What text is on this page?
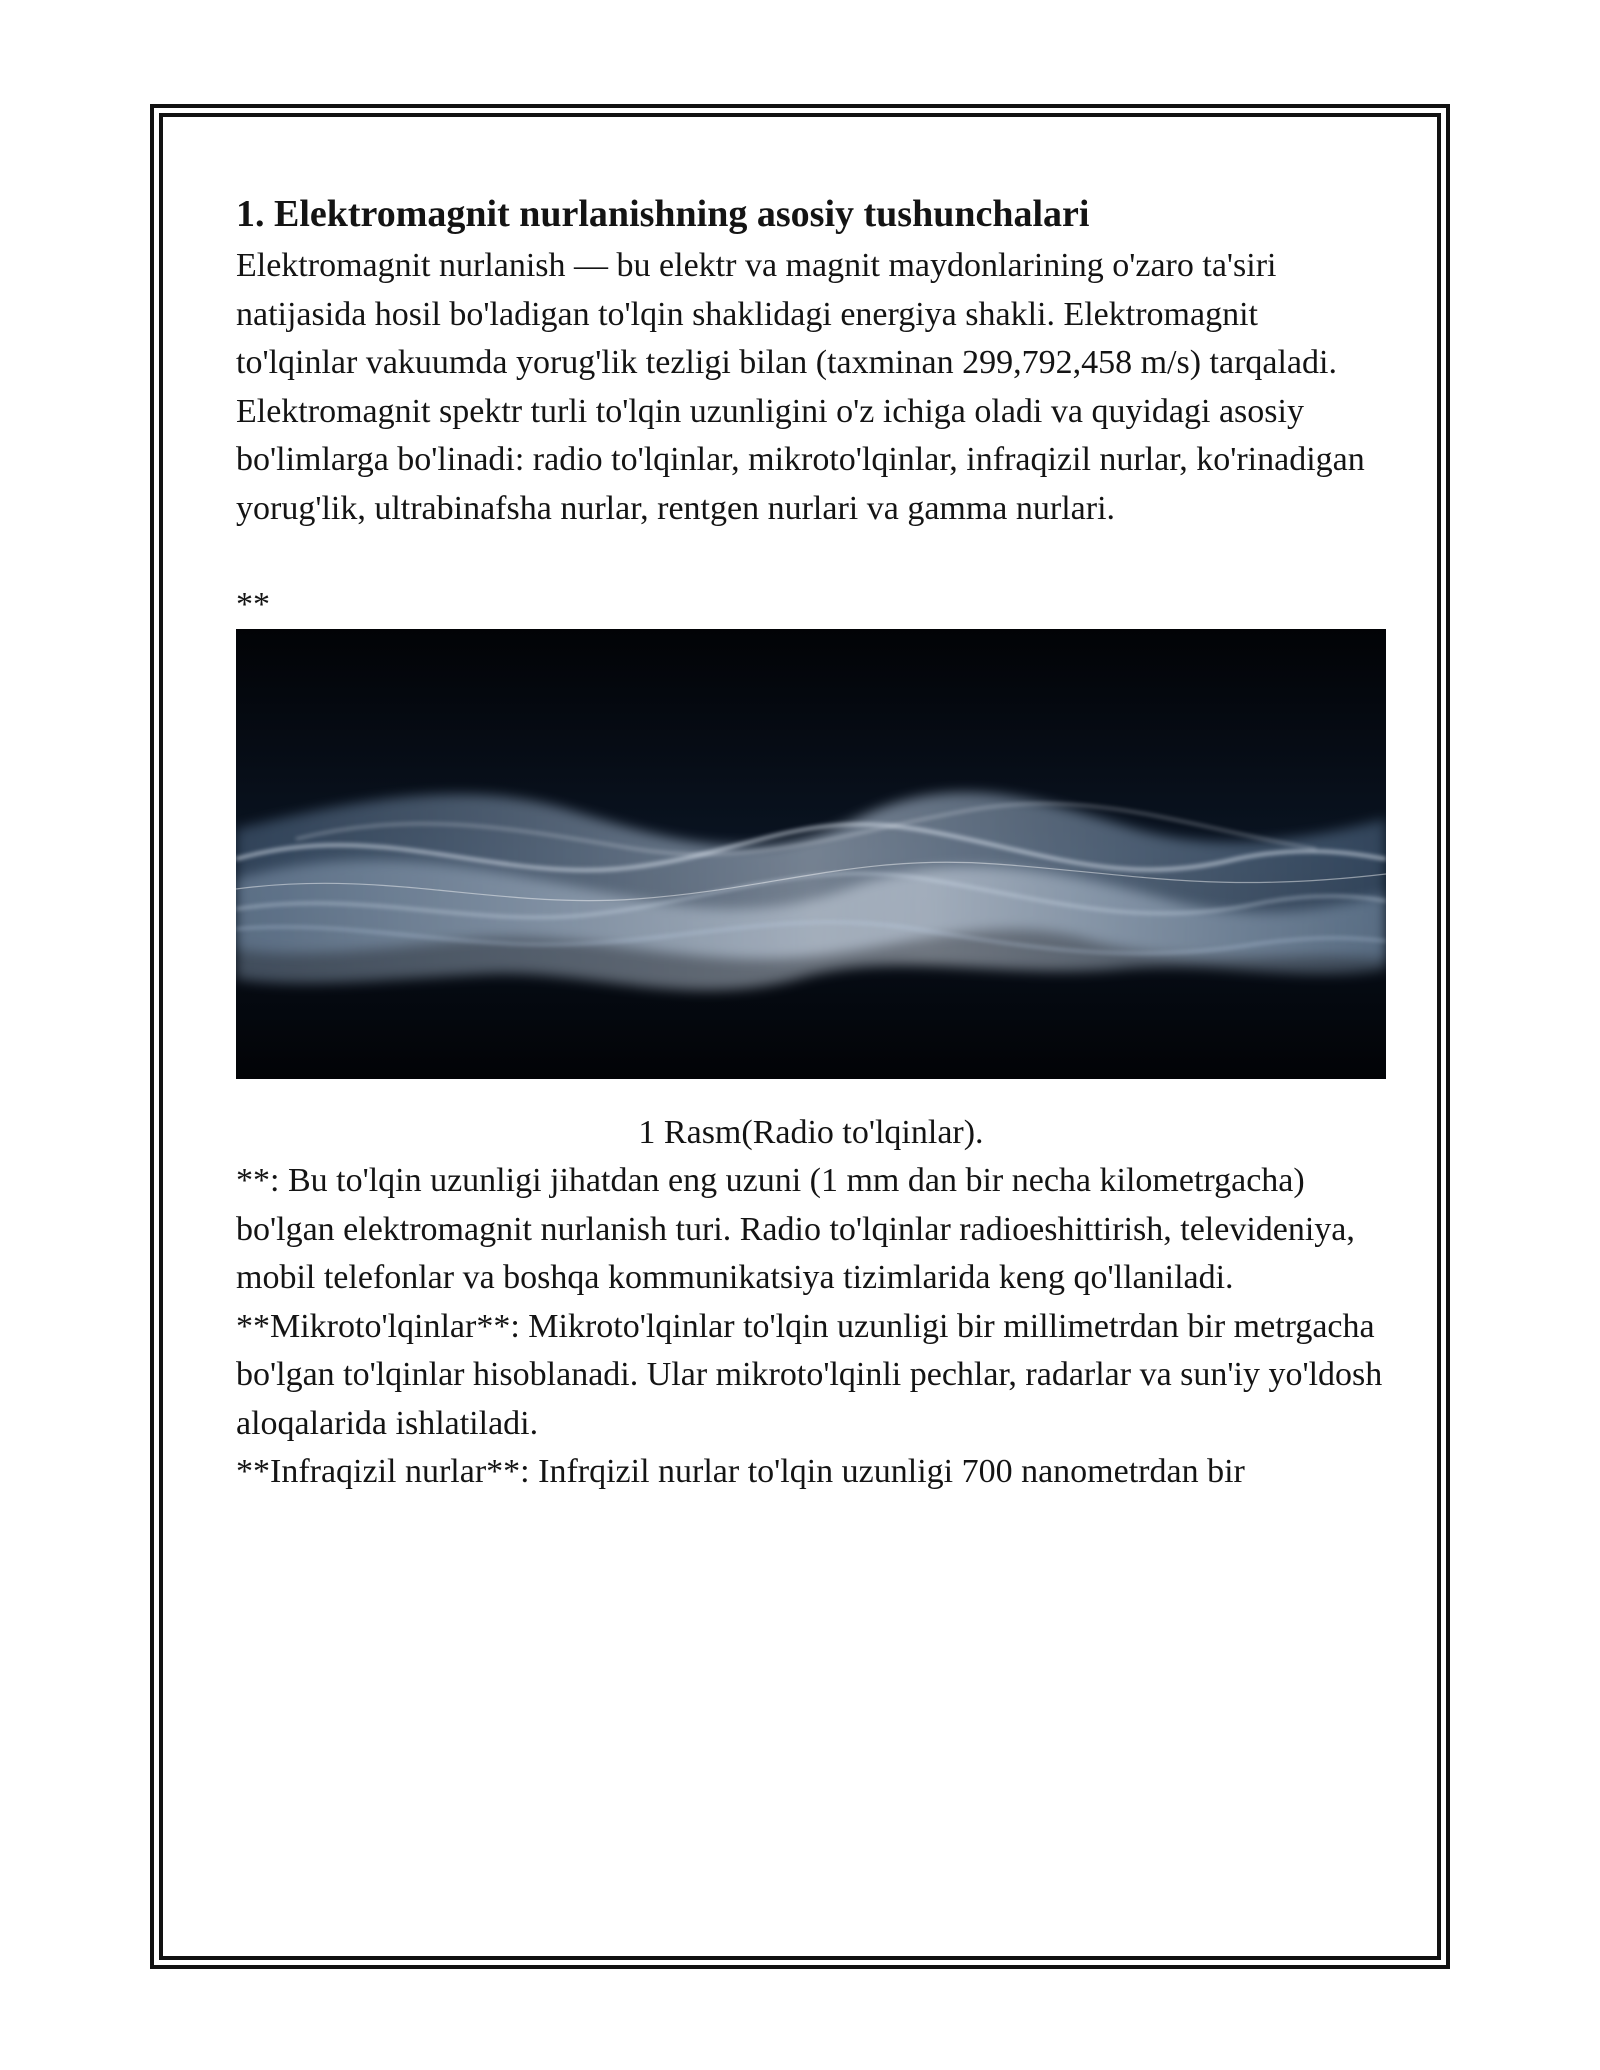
1. Elektromagnit nurlanishning asosiy tushunchalari

Elektromagnit nurlanish — bu elektr va magnit maydonlarining o'zaro ta'siri natijasida hosil bo'ladigan to'lqin shaklidagi energiya shakli. Elektromagnit to'lqinlar vakuumda yorug'lik tezligi bilan (taxminan 299,792,458 m/s) tarqaladi.

Elektromagnit spektr turli to'lqin uzunligini o'z ichiga oladi va quyidagi asosiy bo'limlarga bo'linadi: radio to'lqinlar, mikroto'lqinlar, infraqizil nurlar, ko'rinadigan yorug'lik, ultrabinafsha nurlar, rentgen nurlari va gamma nurlari.

**
1 Rasm(Radio to'lqinlar).

**: Bu to'lqin uzunligi jihatdan eng uzuni (1 mm dan bir necha kilometrgacha) bo'lgan elektromagnit nurlanish turi. Radio to'lqinlar radioeshittirish, televideniya, mobil telefonlar va boshqa kommunikatsiya tizimlarida keng qo'llaniladi.

**Mikroto'lqinlar**: Mikroto'lqinlar to'lqin uzunligi bir millimetrdan bir metrgacha bo'lgan to'lqinlar hisoblanadi. Ular mikroto'lqinli pechlar, radarlar va sun'iy yo'ldosh aloqalarida ishlatiladi.

**Infraqizil nurlar**: Infrqizil nurlar to'lqin uzunligi 700 nanometrdan bir
